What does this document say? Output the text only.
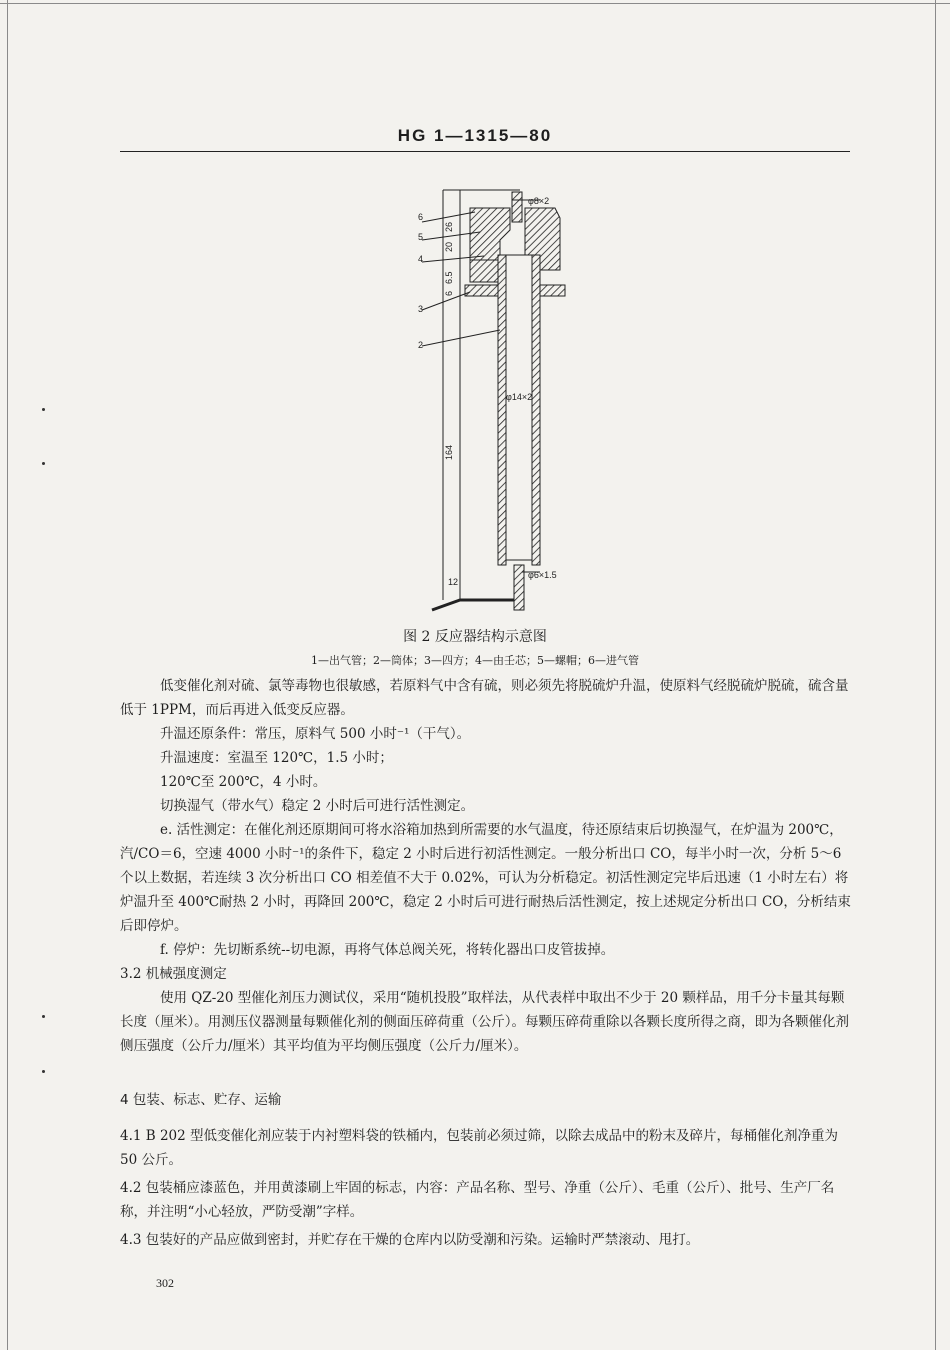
HG 1—1315—80
6
5
4
3
2
26
20
6.5
6
164
12
φ8×2
φ14×2
φ6×1.5
图 2 反应器结构示意图
1—出气管；2—筒体；3—四方；4—由壬芯；5—螺帽；6—进气管

低变催化剂对硫、氯等毒物也很敏感，若原料气中含有硫，则必须先将脱硫炉升温，使原料气经脱硫炉脱硫，硫含量低于 1PPM，而后再进入低变反应器。

升温还原条件：常压，原料气 500 小时⁻¹（干气）。

升温速度：室温至 120℃，1.5 小时；

120℃至 200℃，4 小时。

切换湿气（带水气）稳定 2 小时后可进行活性测定。

e. 活性测定：在催化剂还原期间可将水浴箱加热到所需要的水气温度，待还原结束后切换湿气，在炉温为 200℃，汽/CO＝6，空速 4000 小时⁻¹的条件下，稳定 2 小时后进行初活性测定。一般分析出口 CO，每半小时一次，分析 5～6 个以上数据，若连续 3 次分析出口 CO 相差值不大于 0.02%，可认为分析稳定。初活性测定完毕后迅速（1 小时左右）将炉温升至 400℃耐热 2 小时，再降回 200℃，稳定 2 小时后可进行耐热后活性测定，按上述规定分析出口 CO，分析结束后即停炉。

f. 停炉：先切断系统--切电源，再将气体总阀关死，将转化器出口皮管拔掉。

3.2 机械强度测定

使用 QZ-20 型催化剂压力测试仪，采用“随机投股”取样法，从代表样中取出不少于 20 颗样品，用千分卡量其每颗长度（厘米）。用测压仪器测量每颗催化剂的侧面压碎荷重（公斤）。每颗压碎荷重除以各颗长度所得之商，即为各颗催化剂侧压强度（公斤力/厘米）其平均值为平均侧压强度（公斤力/厘米）。

4 包装、标志、贮存、运输

4.1 B 202 型低变催化剂应装于内衬塑料袋的铁桶内，包装前必须过筛，以除去成品中的粉末及碎片，每桶催化剂净重为 50 公斤。

4.2 包装桶应漆蓝色，并用黄漆刷上牢固的标志，内容：产品名称、型号、净重（公斤）、毛重（公斤）、批号、生产厂名称，并注明“小心轻放，严防受潮”字样。

4.3 包装好的产品应做到密封，并贮存在干燥的仓库内以防受潮和污染。运输时严禁滚动、甩打。

302
